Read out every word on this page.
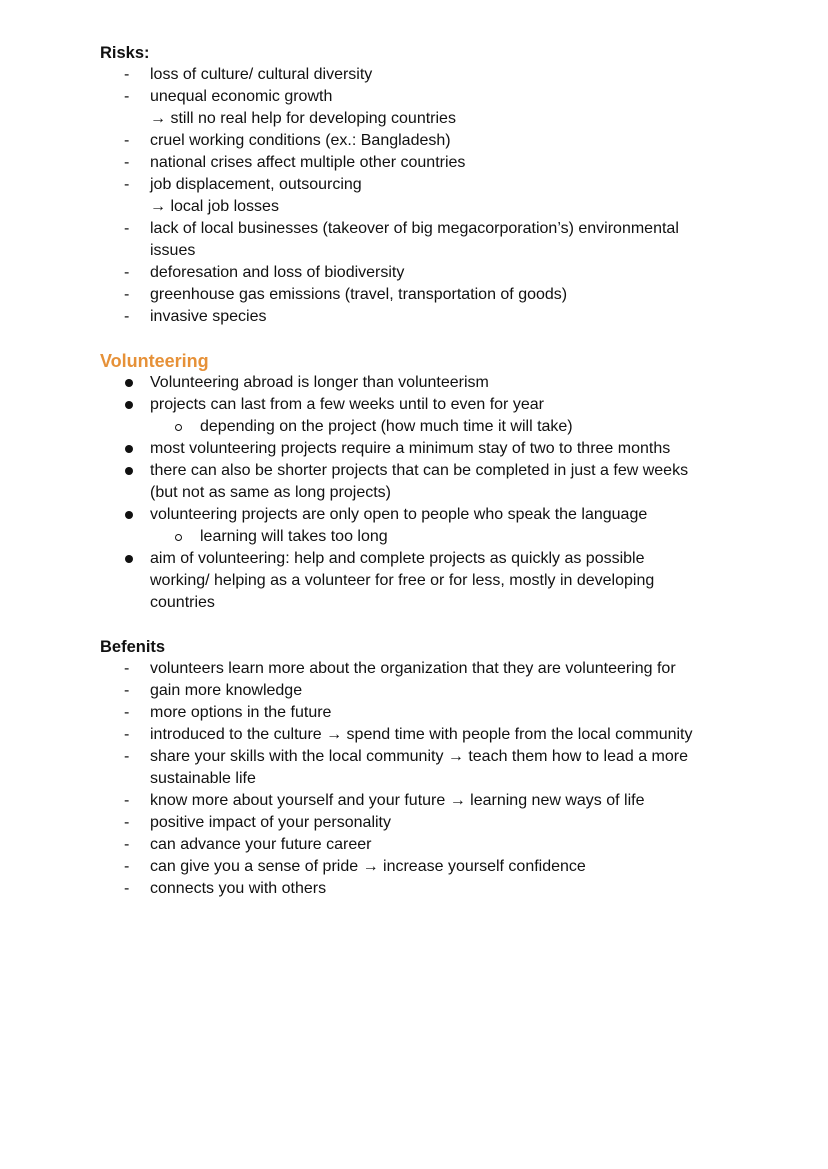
Risks:
- loss of culture/ cultural diversity
- unequal economic growth
→ still no real help for developing countries
- cruel working conditions (ex.: Bangladesh)
- national crises affect multiple other countries
- job displacement, outsourcing
→ local job losses
- lack of local businesses (takeover of big megacorporation’s) environmental
issues
- deforesation and loss of biodiversity
- greenhouse gas emissions (travel, transportation of goods)
- invasive species
Volunteering
Volunteering abroad is longer than volunteerism
projects can last from a few weeks until to even for year
depending on the project (how much time it will take)
most volunteering projects require a minimum stay of two to three months
there can also be shorter projects that can be completed in just a few weeks
(but not as same as long projects)
volunteering projects are only open to people who speak the language
learning will takes too long
aim of volunteering: help and complete projects as quickly as possible
working/ helping as a volunteer for free or for less, mostly in developing
countries
Befenits
- volunteers learn more about the organization that they are volunteering for
- gain more knowledge
- more options in the future
- introduced to the culture → spend time with people from the local community
- share your skills with the local community → teach them how to lead a more
sustainable life
- know more about yourself and your future → learning new ways of life
- positive impact of your personality
- can advance your future career
- can give you a sense of pride → increase yourself confidence
- connects you with others
